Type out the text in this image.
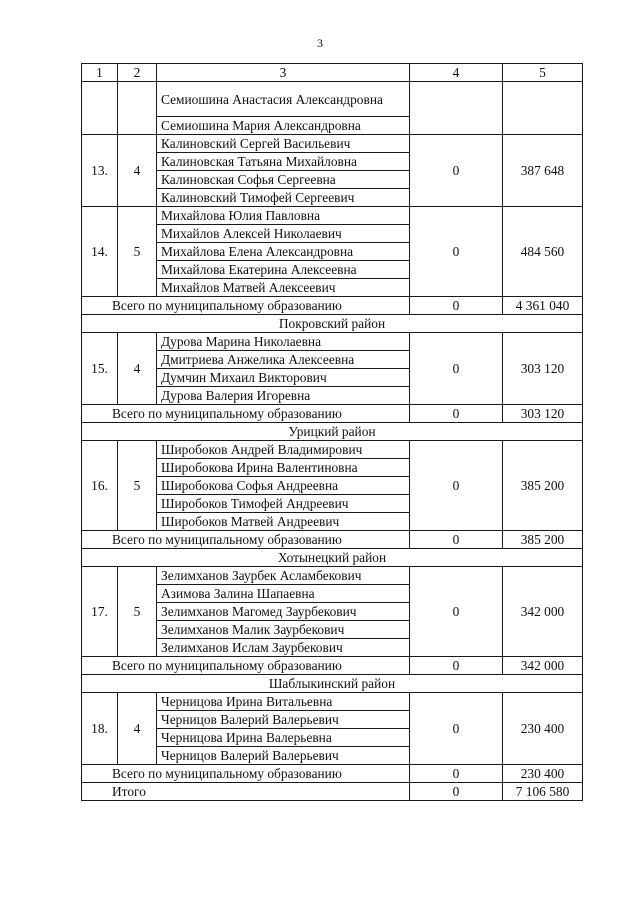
3
1	2	3	4	5
		Семиошина Анастасия Александровна		
		Семиошина Мария Александровна		
13.	4	Калиновский Сергей Васильевич	0	387 648
		Калиновская Татьяна Михайловна		
		Калиновская Софья Сергеевна		
		Калиновский Тимофей Сергеевич		
14.	5	Михайлова Юлия Павловна	0	484 560
		Михайлов Алексей Николаевич		
		Михайлова Елена Александровна		
		Михайлова Екатерина Алексеевна		
		Михайлов Матвей Алексеевич		
Всего по муниципальному образованию			0	4 361 040
Покровский район				
15.	4	Дурова Марина Николаевна	0	303 120
		Дмитриева Анжелика Алексеевна		
		Думчин Михаил Викторович		
		Дурова Валерия Игоревна		
Всего по муниципальному образованию			0	303 120
Урицкий район				
16.	5	Широбоков Андрей Владимирович	0	385 200
		Широбокова Ирина Валентиновна		
		Широбокова Софья Андреевна		
		Широбоков Тимофей Андреевич		
		Широбоков Матвей Андреевич		
Всего по муниципальному образованию			0	385 200
Хотынецкий район				
17.	5	Зелимханов Заурбек Асламбекович	0	342 000
		Азимова Залина Шапаевна		
		Зелимханов Магомед Заурбекович		
		Зелимханов Малик Заурбекович		
		Зелимханов Ислам Заурбекович		
Всего по муниципальному образованию			0	342 000
Шаблыкинский район				
18.	4	Черницова Ирина Витальевна	0	230 400
		Черницов Валерий Валерьевич		
		Черницова Ирина Валерьевна		
		Черницов Валерий Валерьевич		
Всего по муниципальному образованию			0	230 400
Итого			0	7 106 580
